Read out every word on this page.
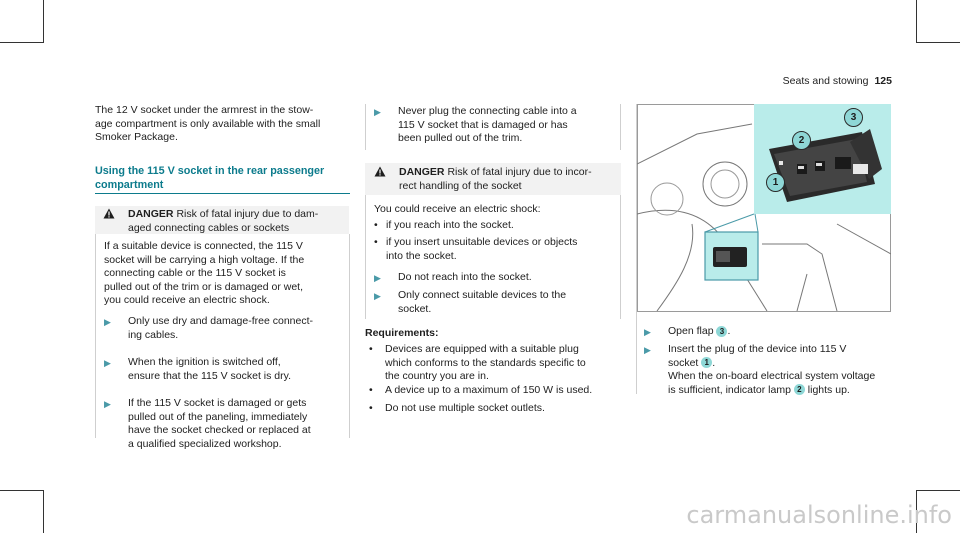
Seats and stowing 125

The 12 V socket under the armrest in the stow-
age compartment is only available with the small
Smoker Package.

Using the 115 V socket in the rear passenger
compartment
DANGER Risk of fatal injury due to dam-
aged connecting cables or sockets

If a suitable device is connected, the 115 V
socket will be carrying a high voltage. If the
connecting cable or the 115 V socket is
pulled out of the trim or is damaged or wet,
you could receive an electric shock.

▶ Only use dry and damage-free connect-
ing cables.
▶ When the ignition is switched off,
ensure that the 115 V socket is dry.
▶ If the 115 V socket is damaged or gets
pulled out of the paneling, immediately
have the socket checked or replaced at
a qualified specialized workshop.
▶ Never plug the connecting cable into a
115 V socket that is damaged or has
been pulled out of the trim.
DANGER Risk of fatal injury due to incor-
rect handling of the socket

You could receive an electric shock:

• if you reach into the socket.
• if you insert unsuitable devices or objects
into the socket.
▶ Do not reach into the socket.
▶ Only connect suitable devices to the
socket.
Requirements:
• Devices are equipped with a suitable plug
which conforms to the standards specific to
the country you are in.
• A device up to a maximum of 150 W is used.
• Do not use multiple socket outlets.
1
2
3
▶ Open flap 3 .
▶ Insert the plug of the device into 115 V
socket 1 .
When the on-board electrical system voltage
is sufficient, indicator lamp 2 lights up.
carmanualsonline.info
